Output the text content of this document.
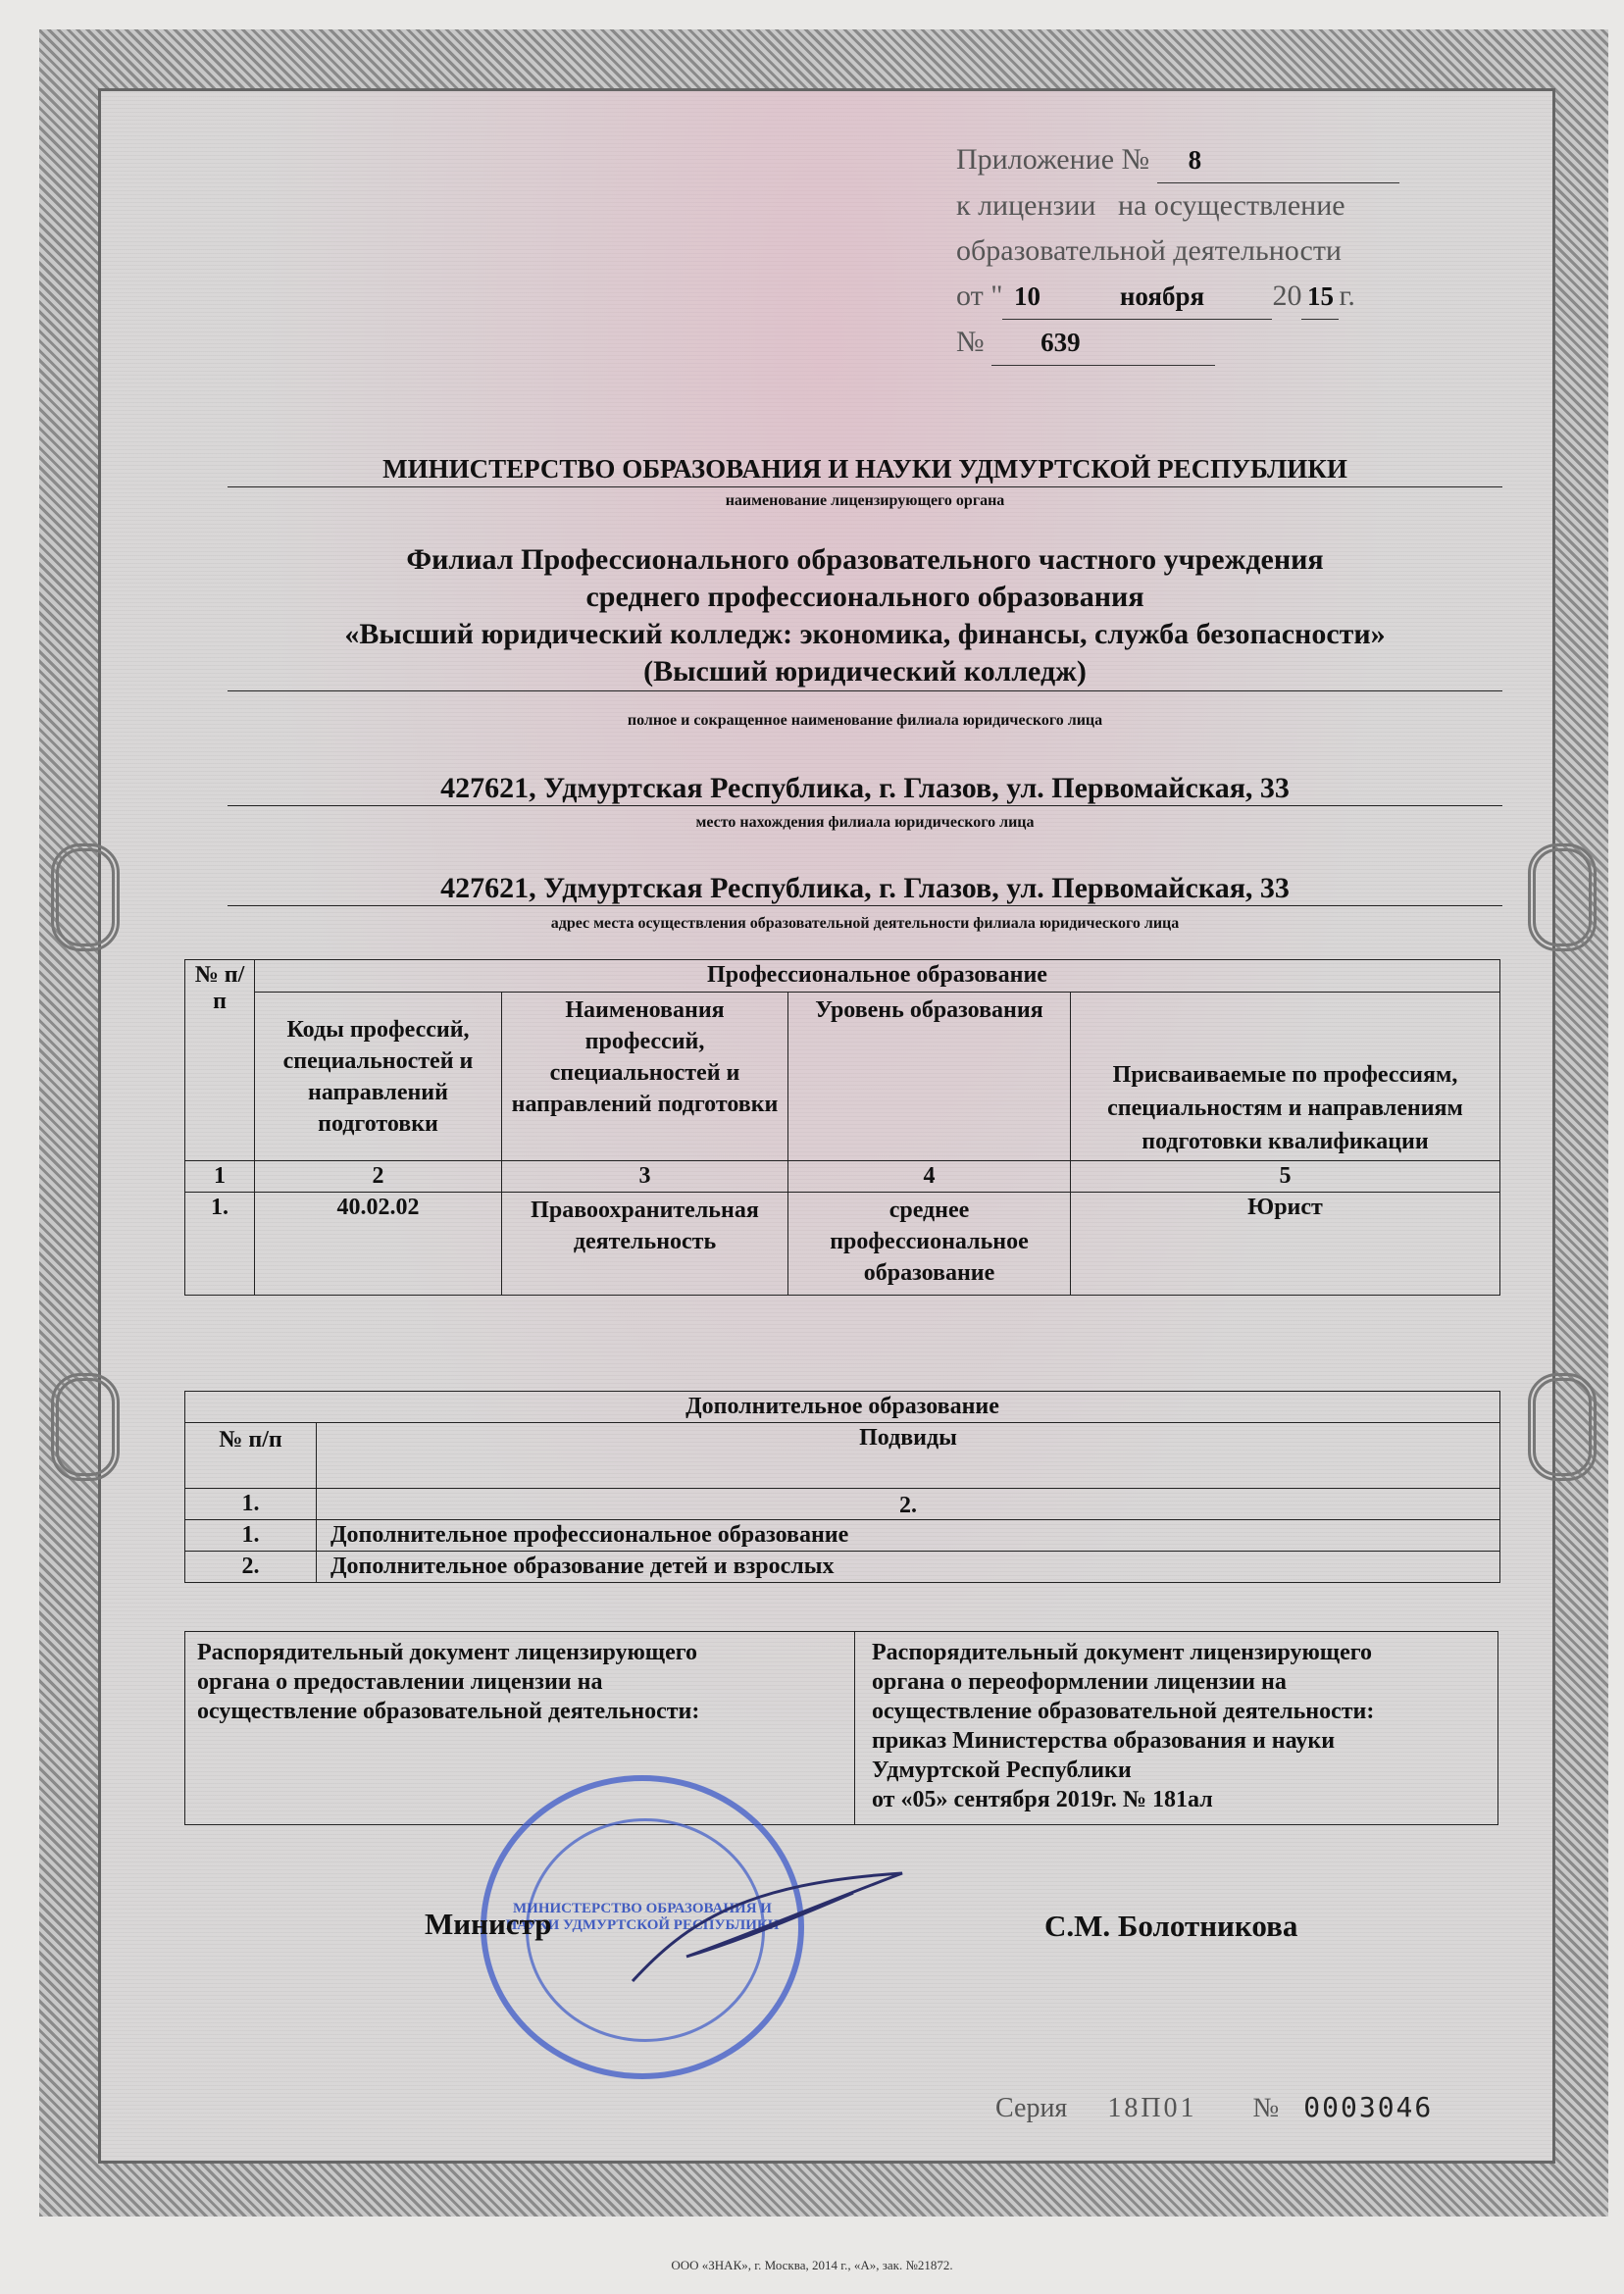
Приложение № 8
к лицензии   на осуществление
образовательной деятельности
от " 10	ноября 20 15 г.
№ 639
МИНИСТЕРСТВО ОБРАЗОВАНИЯ И НАУКИ УДМУРТСКОЙ РЕСПУБЛИКИ
наименование лицензирующего органа
Филиал Профессионального образовательного частного учреждения
среднего профессионального образования
«Высший юридический колледж: экономика, финансы, служба безопасности»
(Высший юридический колледж)
полное и сокращенное наименование филиала юридического лица
427621, Удмуртская Республика, г. Глазов, ул. Первомайская, 33
место нахождения филиала юридического лица
427621, Удмуртская Республика, г. Глазов, ул. Первомайская, 33
адрес места осуществления образовательной деятельности филиала юридического лица
№ п/п	Профессиональное образование			
	Коды профессий, специальностей и направлений подготовки	Наименования профессий, специальностей и направлений подготовки	Уровень образования	Присваиваемые по профессиям, специальностям и направлениям подготовки квалификации
1	2	3	4	5
1.	40.02.02	Правоохранительная деятельность	среднее профессиональное образование	Юрист
Дополнительное образование	
№ п/п	Подвиды
1.	2.
1.	Дополнительное профессиональное образование
2.	Дополнительное образование детей и взрослых
Распорядительный документ лицензирующего органа о предоставлении лицензии на осуществление образовательной деятельности:
Распорядительный документ лицензирующего
органа о переоформлении лицензии на
осуществление образовательной деятельности:
приказ Министерства образования и науки
Удмуртской Республики
от «05» сентября 2019г. № 181ал
МИНИСТЕРСТВО ОБРАЗОВАНИЯ И НАУКИ УДМУРТСКОЙ РЕСПУБЛИКИ
Министр	С.М. Болотникова
Серия 18П01 № 0003046
ООО «ЗНАК», г. Москва, 2014 г., «А», зак. №21872.
